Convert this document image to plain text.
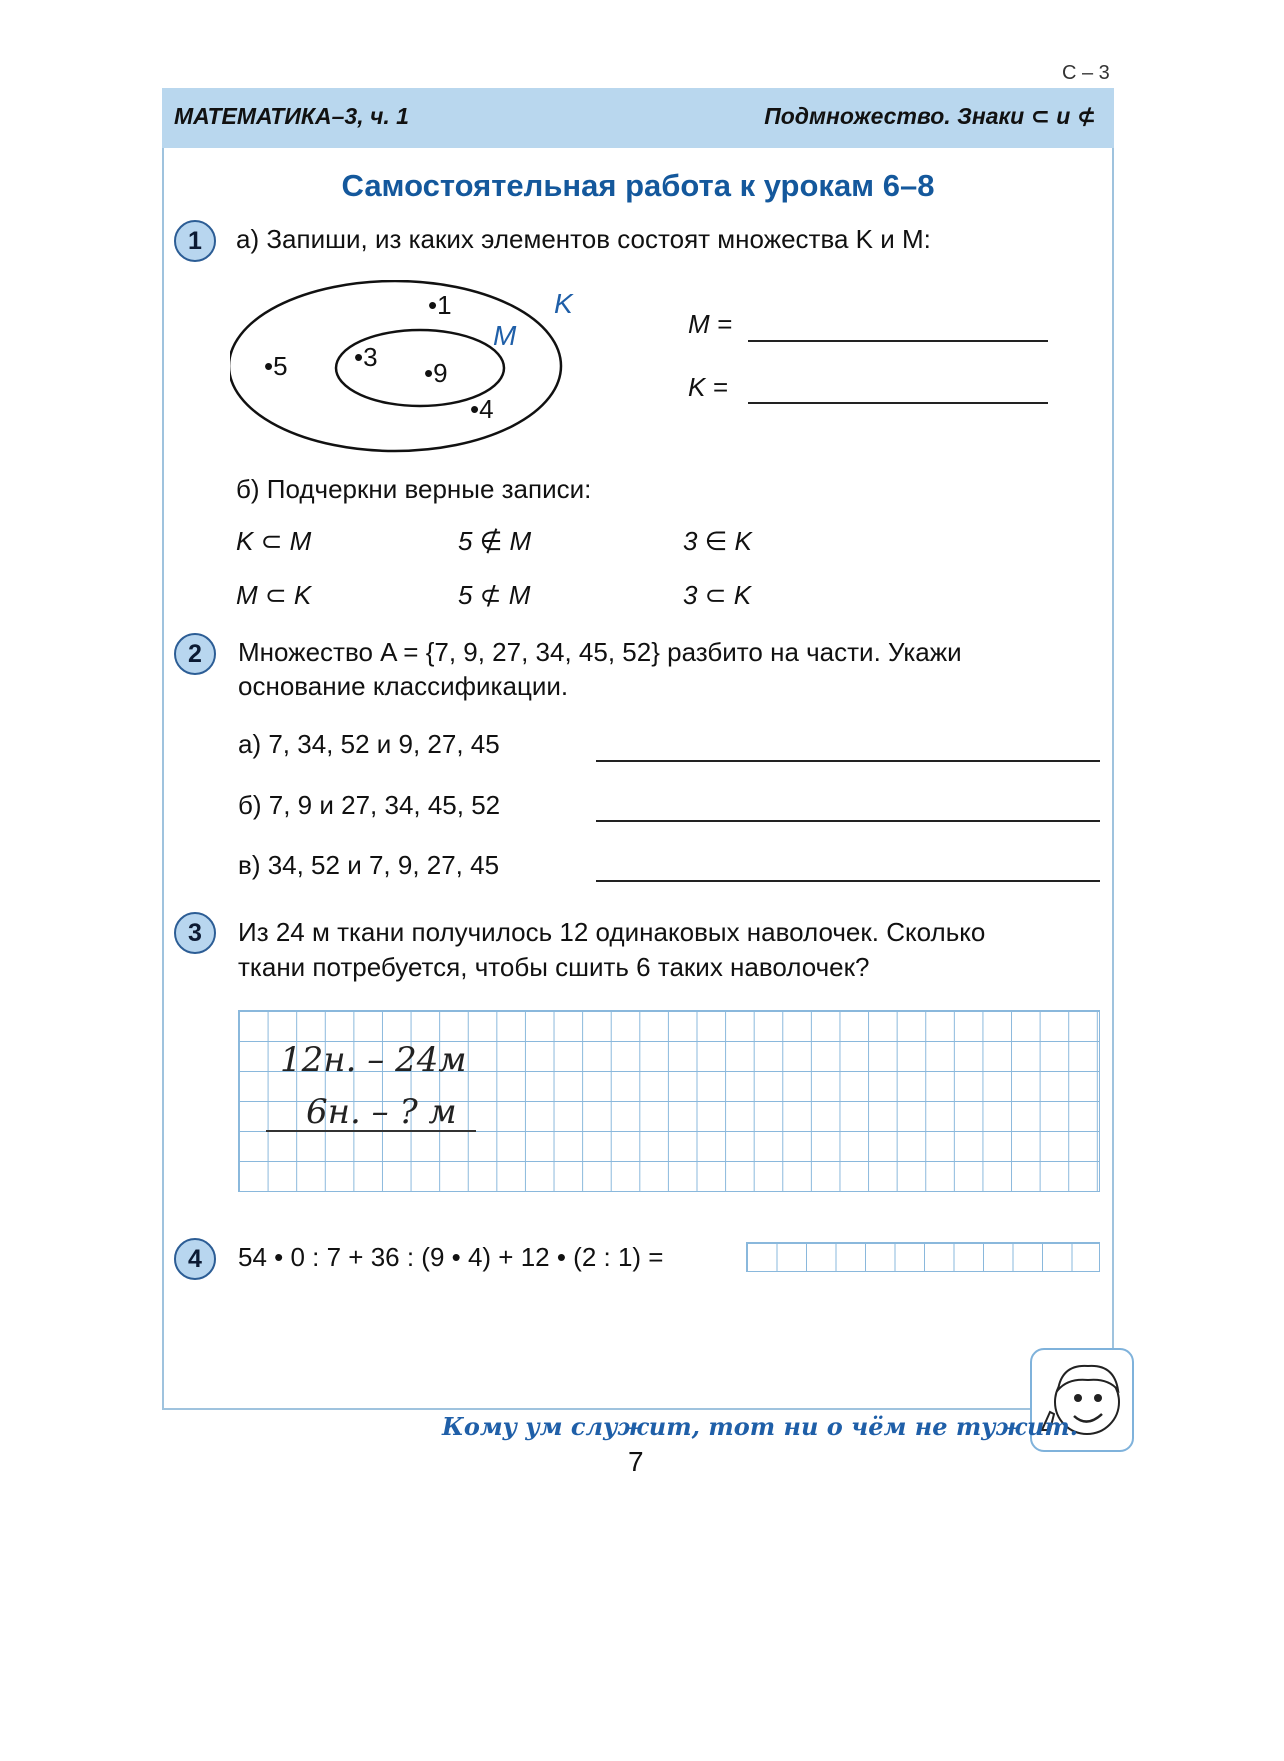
С – 3
МАТЕМАТИКА–3, ч. 1	Подмножество. Знаки ⊂ и ⊄
Самостоятельная работа к урокам 6–8
1	а) Запиши, из каких элементов состоят множества K и M:
K
M
•1
•5	•3
•9
•4
M =
K =
б) Подчеркни верные записи:
K ⊂ M	5 ∉ M	3 ∈ K
M ⊂ K	5 ⊄ M	3 ⊂ K
2	Множество A = {7, 9, 27, 34, 45, 52} разбито на части. Укажи
основание классификации.
а) 7, 34, 52 и 9, 27, 45
б) 7, 9 и 27, 34, 45, 52
в) 34, 52 и 7, 9, 27, 45
3	Из 24 м ткани получилось 12 одинаковых наволочек. Сколько
ткани потребуется, чтобы сшить 6 таких наволочек?
12н. – 24м
6н. – ? м
4	54 • 0 : 7 + 36 : (9 • 4) + 12 • (2 : 1) =
Кому ум служит, тот ни о чём не тужит.
7
